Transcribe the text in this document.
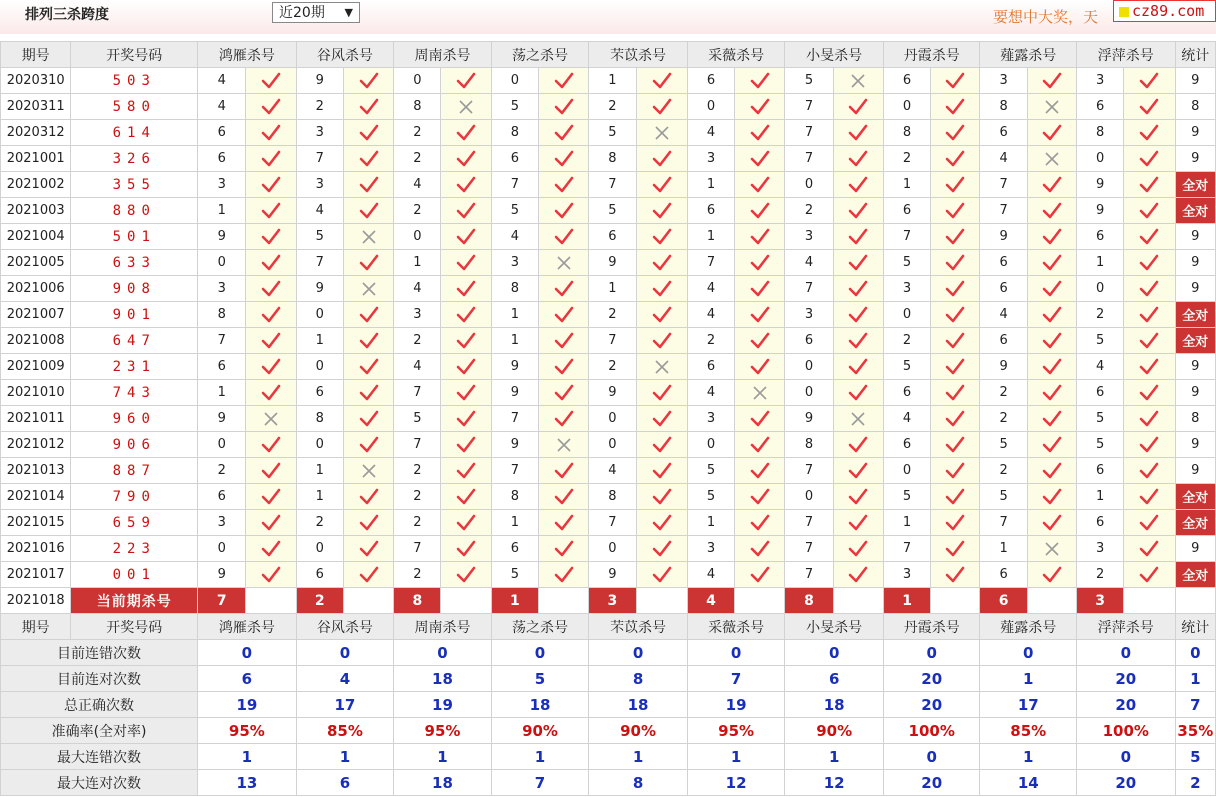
排列三杀跨度	近20期 ▼	要想中大奖，天	cz89.com
期号	开奖号码	鸿雁杀号		谷风杀号		周南杀号		荡之杀号		芣苡杀号		采薇杀号		小旻杀号		丹霞杀号		薤露杀号		浮萍杀号		统计
2020310	503	4		9		0		0		1		6		5		6		3		3		9
2020311	580	4		2		8		5		2		0		7		0		8		6		8
2020312	614	6		3		2		8		5		4		7		8		6		8		9
2021001	326	6		7		2		6		8		3		7		2		4		0		9
2021002	355	3		3		4		7		7		1		0		1		7		9		全对
2021003	880	1		4		2		5		5		6		2		6		7		9		全对
2021004	501	9		5		0		4		6		1		3		7		9		6		9
2021005	633	0		7		1		3		9		7		4		5		6		1		9
2021006	908	3		9		4		8		1		4		7		3		6		0		9
2021007	901	8		0		3		1		2		4		3		0		4		2		全对
2021008	647	7		1		2		1		7		2		6		2		6		5		全对
2021009	231	6		0		4		9		2		6		0		5		9		4		9
2021010	743	1		6		7		9		9		4		0		6		2		6		9
2021011	960	9		8		5		7		0		3		9		4		2		5		8
2021012	906	0		0		7		9		0		0		8		6		5		5		9
2021013	887	2		1		2		7		4		5		7		0		2		6		9
2021014	790	6		1		2		8		8		5		0		5		5		1		全对
2021015	659	3		2		2		1		7		1		7		1		7		6		全对
2021016	223	0		0		7		6		0		3		7		7		1		3		9
2021017	001	9		6		2		5		9		4		7		3		6		2		全对
2021018	当前期杀号	7		2		8		1		3		4		8		1		6		3		
期号	开奖号码	鸿雁杀号		谷风杀号		周南杀号		荡之杀号		芣苡杀号		采薇杀号		小旻杀号		丹霞杀号		薤露杀号		浮萍杀号		统计
目前连错次数		0		0		0		0		0		0		0		0		0		0		0
目前连对次数		6		4		18		5		8		7		6		20		1		20		1
总正确次数		19		17		19		18		18		19		18		20		17		20		7
准确率(全对率)		95%		85%		95%		90%		90%		95%		90%		100%		85%		100%		35%
最大连错次数		1		1		1		1		1		1		1		0		1		0		5
最大连对次数		13		6		18		7		8		12		12		20		14		20		2
